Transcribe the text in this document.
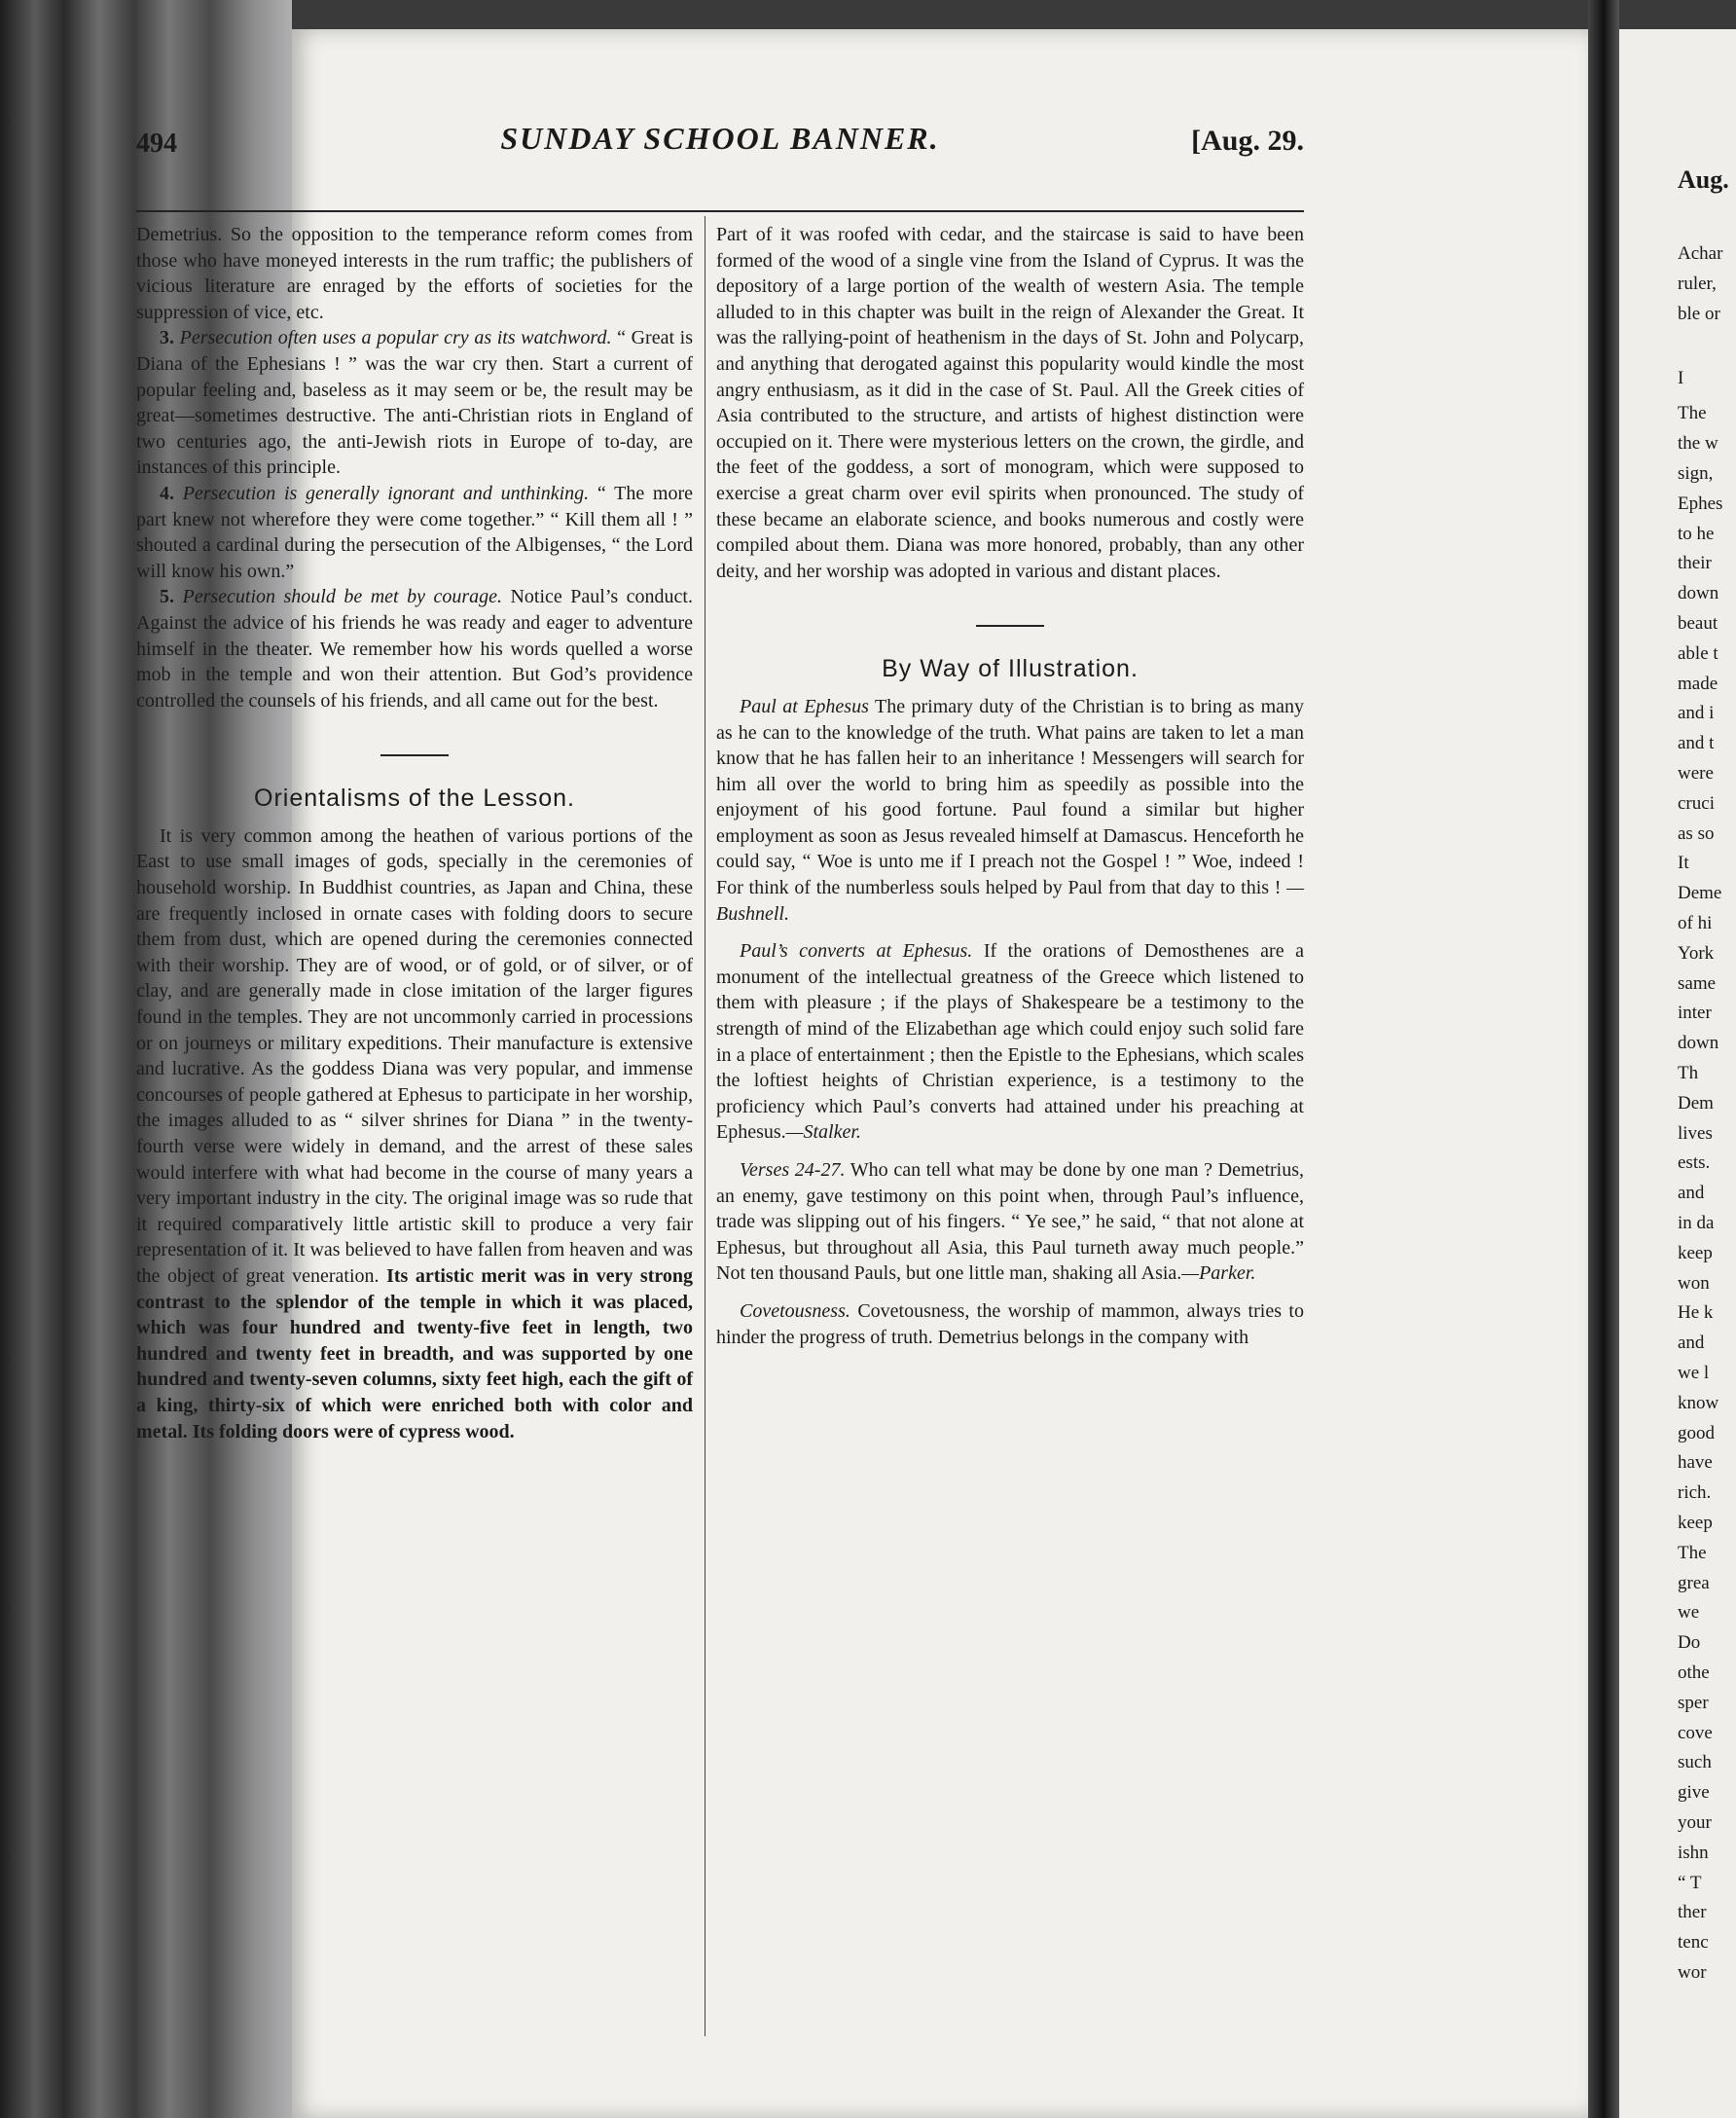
494	SUNDAY SCHOOL BANNER.	[Aug. 29.

Demetrius. So the opposition to the temperance reform comes from those who have moneyed interests in the rum traffic; the publishers of vicious literature are enraged by the efforts of societies for the suppression of vice, etc.

3. Persecution often uses a popular cry as its watchword. “ Great is Diana of the Ephesians ! ” was the war cry then. Start a current of popular feeling and, baseless as it may seem or be, the result may be great—sometimes destructive. The anti-Christian riots in England of two centuries ago, the anti-Jewish riots in Europe of to-day, are instances of this principle.

4. Persecution is generally ignorant and unthinking. “ The more part knew not wherefore they were come together.” “ Kill them all ! ” shouted a cardinal during the persecution of the Albigenses, “ the Lord will know his own.”

5. Persecution should be met by courage. Notice Paul’s conduct. Against the advice of his friends he was ready and eager to adventure himself in the theater. We remember how his words quelled a worse mob in the temple and won their attention. But God’s providence controlled the counsels of his friends, and all came out for the best.

Orientalisms of the Lesson.

It is very common among the heathen of various portions of the East to use small images of gods, specially in the ceremonies of household worship. In Buddhist countries, as Japan and China, these are frequently inclosed in ornate cases with folding doors to secure them from dust, which are opened during the ceremonies connected with their worship. They are of wood, or of gold, or of silver, or of clay, and are generally made in close imitation of the larger figures found in the temples. They are not uncommonly carried in processions or on journeys or military expeditions. Their manufacture is extensive and lucrative. As the goddess Diana was very popular, and immense concourses of people gathered at Ephesus to participate in her worship, the images alluded to as “ silver shrines for Diana ” in the twenty-fourth verse were widely in demand, and the arrest of these sales would interfere with what had become in the course of many years a very important industry in the city. The original image was so rude that it required comparatively little artistic skill to produce a very fair representation of it. It was believed to have fallen from heaven and was the object of great veneration. Its artistic merit was in very strong contrast to the splendor of the temple in which it was placed, which was four hundred and twenty-five feet in length, two hundred and twenty feet in breadth, and was supported by one hundred and twenty-seven columns, sixty feet high, each the gift of a king, thirty-six of which were enriched both with color and metal. Its folding doors were of cypress wood.

Part of it was roofed with cedar, and the staircase is said to have been formed of the wood of a single vine from the Island of Cyprus. It was the depository of a large portion of the wealth of western Asia. The temple alluded to in this chapter was built in the reign of Alexander the Great. It was the rallying-point of heathenism in the days of St. John and Polycarp, and anything that derogated against this popularity would kindle the most angry enthusiasm, as it did in the case of St. Paul. All the Greek cities of Asia contributed to the structure, and artists of highest distinction were occupied on it. There were mysterious letters on the crown, the girdle, and the feet of the goddess, a sort of monogram, which were supposed to exercise a great charm over evil spirits when pronounced. The study of these became an elaborate science, and books numerous and costly were compiled about them. Diana was more honored, probably, than any other deity, and her worship was adopted in various and distant places.

By Way of Illustration.

Paul at Ephesus The primary duty of the Christian is to bring as many as he can to the knowledge of the truth. What pains are taken to let a man know that he has fallen heir to an inheritance ! Messengers will search for him all over the world to bring him as speedily as possible into the enjoyment of his good fortune. Paul found a similar but higher employment as soon as Jesus revealed himself at Damascus. Henceforth he could say, “ Woe is unto me if I preach not the Gospel ! ” Woe, indeed ! For think of the numberless souls helped by Paul from that day to this ! —Bushnell.

Paul’s converts at Ephesus. If the orations of Demosthenes are a monument of the intellectual greatness of the Greece which listened to them with pleasure ; if the plays of Shakespeare be a testimony to the strength of mind of the Elizabethan age which could enjoy such solid fare in a place of entertainment ; then the Epistle to the Ephesians, which scales the loftiest heights of Christian experience, is a testimony to the proficiency which Paul’s converts had attained under his preaching at Ephesus.—Stalker.

Verses 24-27. Who can tell what may be done by one man ? Demetrius, an enemy, gave testimony on this point when, through Paul’s influence, trade was slipping out of his fingers. “ Ye see,” he said, “ that not alone at Ephesus, but throughout all Asia, this Paul turneth away much people.” Not ten thousand Pauls, but one little man, shaking all Asia.—Parker.

Covetousness. Covetousness, the worship of mammon, always tries to hinder the progress of truth. Demetrius belongs in the company with

Aug.
Achar
ruler,
ble or
I
The
the w
sign,
Ephes
to he
their
down
beaut
able t
made
and i
and t
were
cruci
as so
It
Deme
of hi
York
same
inter
down
Th
Dem
lives
ests.
and
in da
keep
won
He k
and
we l
know
good
have
rich.
keep
The
grea
we
Do
othe
sper
cove
such
give
your
ishn
“ T
ther
tenc
wor
